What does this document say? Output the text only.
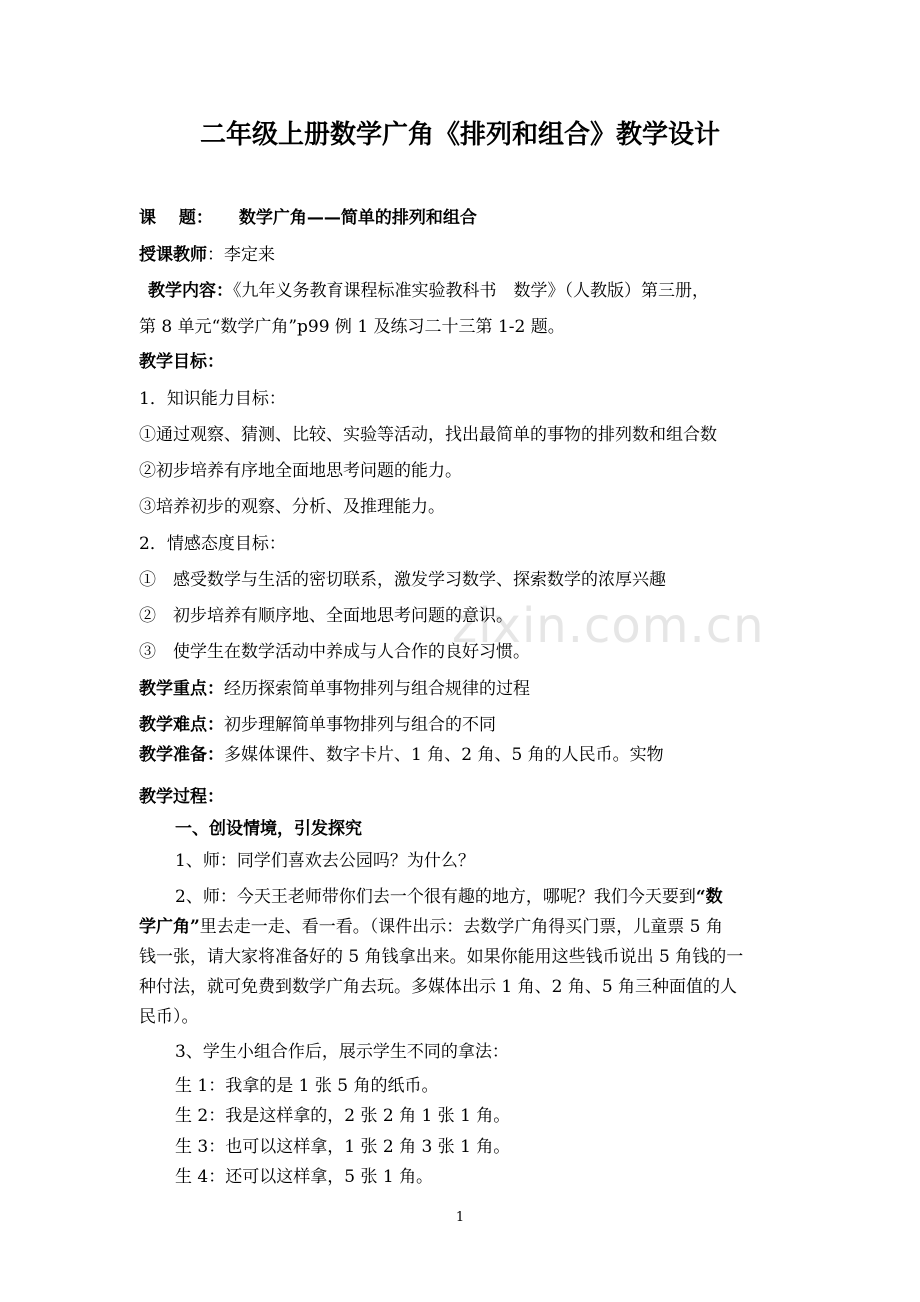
zixin.com.cn
二年级上册数学广角《排列和组合》教学设计
课　 题： 数学广角——简单的排列和组合
授课教师：李定来
教学内容：《九年义务教育课程标准实验教科书　数学》（人教版）第三册，
第 8 单元“数学广角”p99 例 1 及练习二十三第 1-2 题。
教学目标：
1．知识能力目标：
①通过观察、猜测、比较、实验等活动，找出最简单的事物的排列数和组合数
②初步培养有序地全面地思考问题的能力。
③培养初步的观察、分析、及推理能力。
2．情感态度目标：
①　感受数学与生活的密切联系，激发学习数学、探索数学的浓厚兴趣
②　初步培养有顺序地、全面地思考问题的意识。
③　使学生在数学活动中养成与人合作的良好习惯。
教学重点：经历探索简单事物排列与组合规律的过程
教学难点：初步理解简单事物排列与组合的不同
教学准备：多媒体课件、数字卡片、1 角、2 角、5 角的人民币。实物
教学过程：
一、创设情境，引发探究
1、师：同学们喜欢去公园吗？为什么？
2、师：今天王老师带你们去一个很有趣的地方，哪呢？我们今天要到“数
学广角”里去走一走、看一看。（课件出示：去数学广角得买门票，儿童票 5 角
钱一张，请大家将准备好的 5 角钱拿出来。如果你能用这些钱币说出 5 角钱的一
种付法，就可免费到数学广角去玩。多媒体出示 1 角、2 角、5 角三种面值的人
民币）。
3、学生小组合作后，展示学生不同的拿法：
生 1：我拿的是 1 张 5 角的纸币。
生 2：我是这样拿的，2 张 2 角 1 张 1 角。
生 3：也可以这样拿，1 张 2 角 3 张 1 角。
生 4：还可以这样拿，5 张 1 角。
1
